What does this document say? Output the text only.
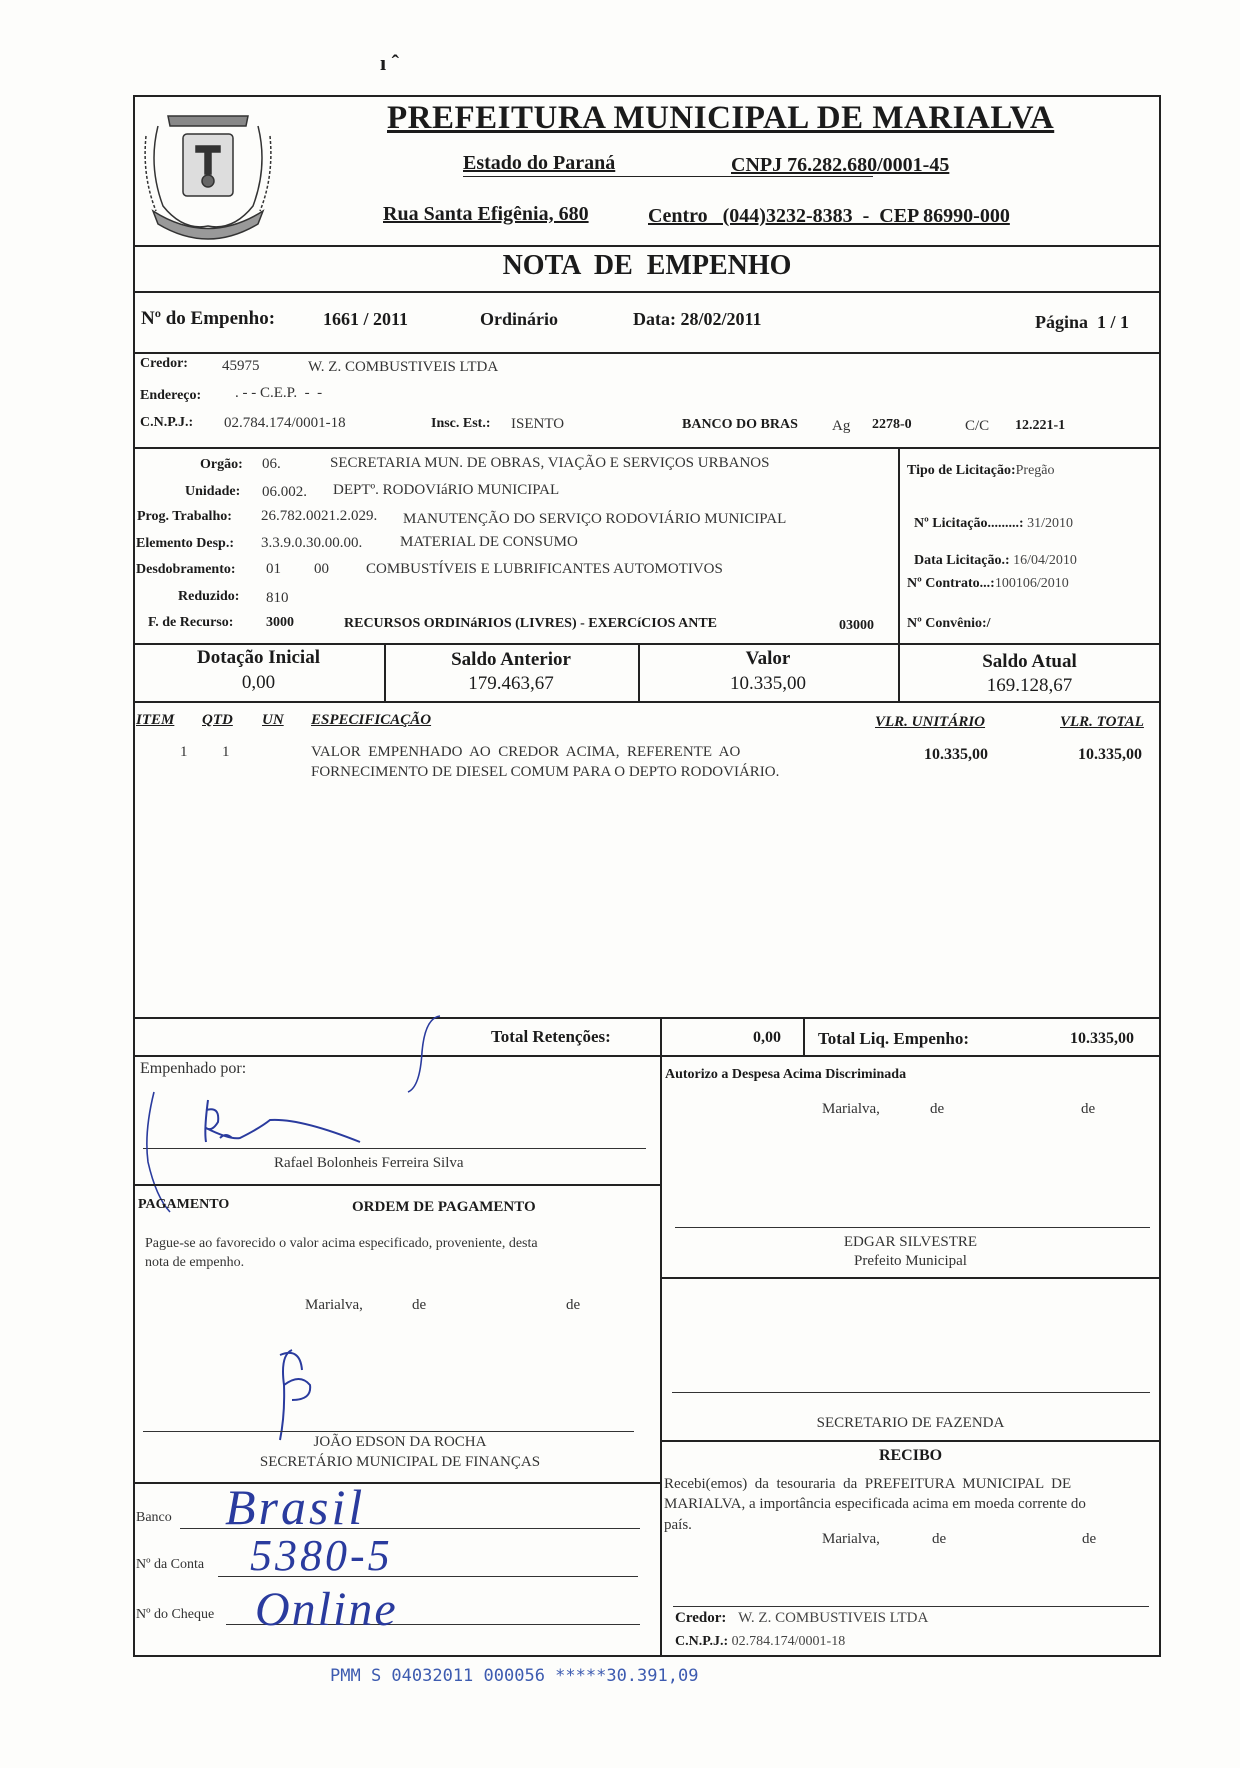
ı ˆ
PREFEITURA MUNICIPAL DE MARIALVA
Estado do Paraná	CNPJ 76.282.680/0001-45
Rua Santa Efigênia, 680	Centro   (044)3232-8383  -  CEP 86990-000
NOTA  DE  EMPENHO
Nº do Empenho:	1661 / 2011	Ordinário	Data: 28/02/2011	Página  1 / 1
Credor: 45975	W. Z. COMBUSTIVEIS LTDA
Endereço: . - - C.E.P.  -  -
C.N.P.J.: 02.784.174/0001-18	Insc. Est.: ISENTO	BANCO DO BRAS Ag 2278-0	C/C 12.221-1
Orgão: 06.	SECRETARIA MUN. DE OBRAS, VIAÇÃO E SERVIÇOS URBANOS
Unidade: 06.002. DEPTº. RODOVIáRIO MUNICIPAL
Prog. Trabalho: 26.782.0021.2.029. MANUTENÇÃO DO SERVIÇO RODOVIÁRIO MUNICIPAL
Elemento Desp.: 3.3.9.0.30.00.00.	MATERIAL DE CONSUMO
Desdobramento: 01 00 COMBUSTÍVEIS E LUBRIFICANTES AUTOMOTIVOS
Reduzido: 810
F. de Recurso: 3000	RECURSOS ORDINáRIOS (LIVRES) - EXERCíCIOS ANTE	03000
Tipo de Licitação:Pregão

Nº Licitação.........: 31/2010

Data Licitação.: 16/04/2010

Nº Contrato...:100106/2010
Nº Convênio:/
Dotação Inicial
0,00
Saldo Anterior
179.463,67
Valor
10.335,00
Saldo Atual
169.128,67
ITEM QTD UN ESPECIFICAÇÃO	VLR. UNITÁRIO	VLR. TOTAL
1 1	VALOR  EMPENHADO  AO  CREDOR  ACIMA,  REFERENTE  AO
FORNECIMENTO DE DIESEL COMUM PARA O DEPTO RODOVIÁRIO.
10.335,00	10.335,00
Total Retenções:	0,00 Total Liq. Empenho:	10.335,00
Empenhado por:
Rafael Bolonheis Ferreira Silva
PAGAMENTO	ORDEM DE PAGAMENTO
Pague-se ao favorecido o valor acima especificado, proveniente, desta
nota de empenho.
Marialva,	de	de
JOÃO EDSON DA ROCHA
SECRETÁRIO MUNICIPAL DE FINANÇAS
Banco Brasil
Nº da Conta 5380-5
Nº do Cheque Online
Autorizo a Despesa Acima Discriminada
Marialva,	de	de
EDGAR SILVESTRE
Prefeito Municipal
SECRETARIO DE FAZENDA
RECIBO
Recebi(emos)  da  tesouraria  da  PREFEITURA  MUNICIPAL  DE
MARIALVA, a importância especificada acima em moeda corrente do
país.
Marialva,	de	de
Credor: W. Z. COMBUSTIVEIS LTDA
C.N.P.J.: 02.784.174/0001-18
PMM S 04032011 000056 *****30.391,09
